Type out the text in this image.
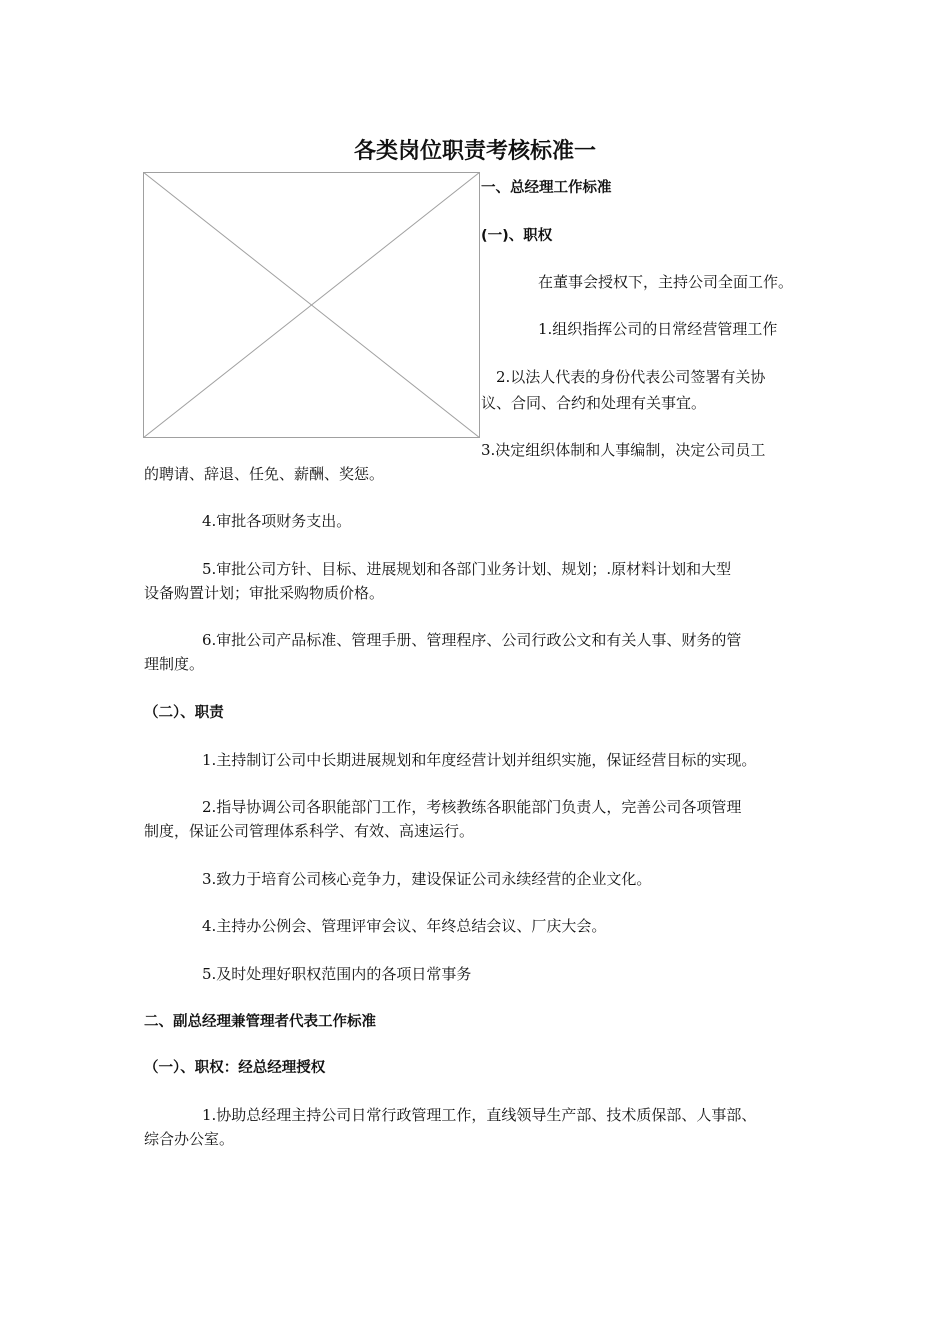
各类岗位职责考核标准一
一、总经理工作标准
(一)、职权
在董事会授权下，主持公司全面工作。
1.组织指挥公司的日常经营管理工作
2.以法人代表的身份代表公司签署有关协
议、合同、合约和处理有关事宜。
3.决定组织体制和人事编制，决定公司员工
的聘请、辞退、任免、薪酬、奖惩。
4.审批各项财务支出。
5.审批公司方针、目标、进展规划和各部门业务计划、规划；.原材料计划和大型
设备购置计划；审批采购物质价格。
6.审批公司产品标准、管理手册、管理程序、公司行政公文和有关人事、财务的管
理制度。
（二）、职责
1.主持制订公司中长期进展规划和年度经营计划并组织实施，保证经营目标的实现。
2.指导协调公司各职能部门工作，考核教练各职能部门负责人，完善公司各项管理
制度，保证公司管理体系科学、有效、高速运行。
3.致力于培育公司核心竞争力，建设保证公司永续经营的企业文化。
4.主持办公例会、管理评审会议、年终总结会议、厂庆大会。
5.及时处理好职权范围内的各项日常事务
二、副总经理兼管理者代表工作标准
（一）、职权：经总经理授权
1.协助总经理主持公司日常行政管理工作，直线领导生产部、技术质保部、人事部、
综合办公室。
